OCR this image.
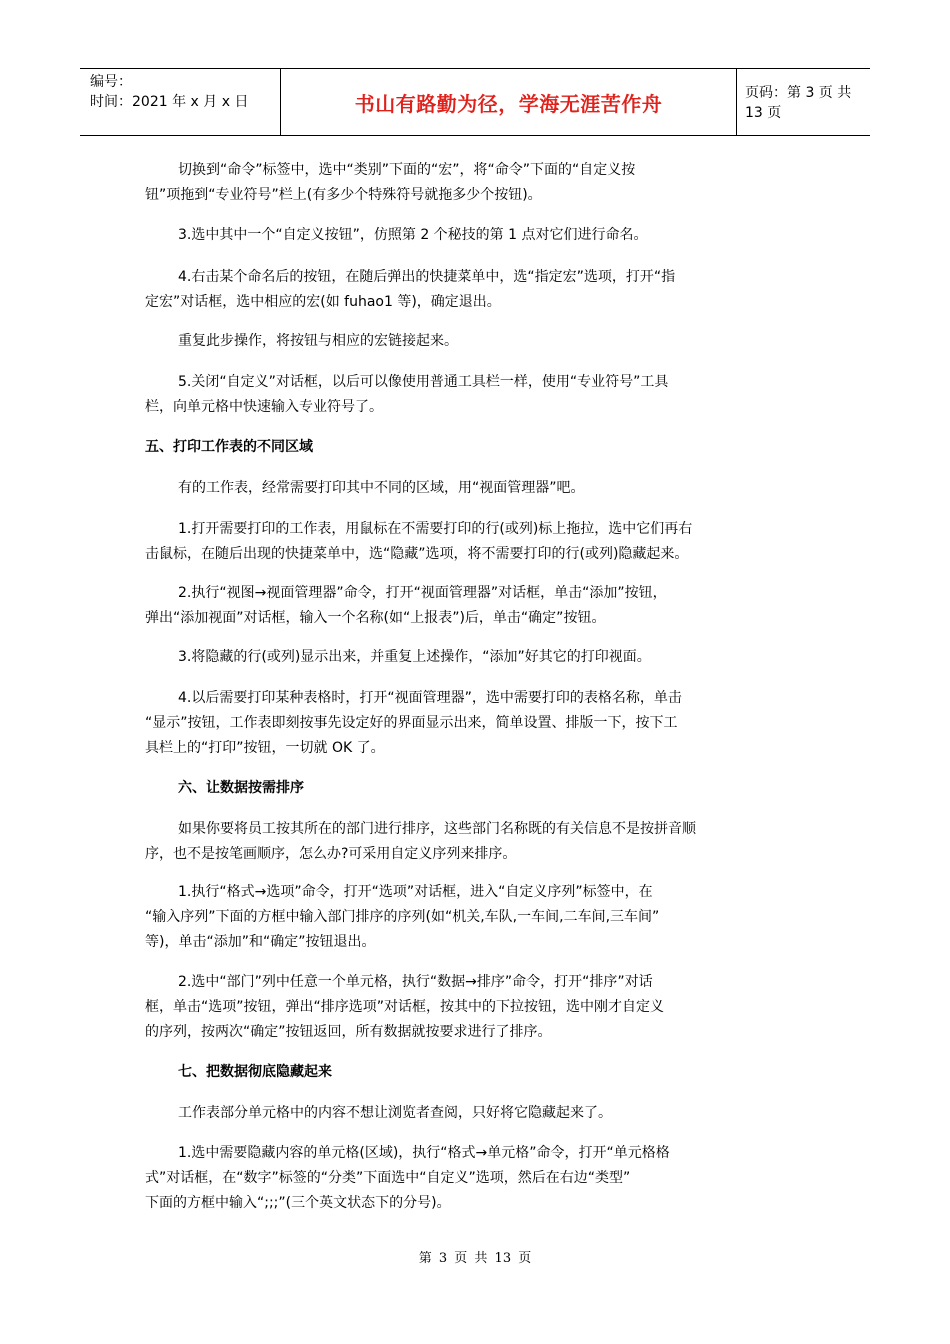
编号：
时间：2021 年 x 月 x 日	书山有路勤为径，学海无涯苦作舟	页码：第 3 页 共 13 页
切换到“命令”标签中，选中“类别”下面的“宏”，将“命令”下面的“自定义按
钮”项拖到“专业符号”栏上(有多少个特殊符号就拖多少个按钮)。
3.选中其中一个“自定义按钮”，仿照第 2 个秘技的第 1 点对它们进行命名。
4.右击某个命名后的按钮，在随后弹出的快捷菜单中，选“指定宏”选项，打开“指
定宏”对话框，选中相应的宏(如 fuhao1 等)，确定退出。
重复此步操作，将按钮与相应的宏链接起来。
5.关闭“自定义”对话框，以后可以像使用普通工具栏一样，使用“专业符号”工具
栏，向单元格中快速输入专业符号了。
五、打印工作表的不同区域
有的工作表，经常需要打印其中不同的区域，用“视面管理器”吧。
1.打开需要打印的工作表，用鼠标在不需要打印的行(或列)标上拖拉，选中它们再右
击鼠标，在随后出现的快捷菜单中，选“隐藏”选项，将不需要打印的行(或列)隐藏起来。
2.执行“视图→视面管理器”命令，打开“视面管理器”对话框，单击“添加”按钮，
弹出“添加视面”对话框，输入一个名称(如“上报表”)后，单击“确定”按钮。
3.将隐藏的行(或列)显示出来，并重复上述操作，“添加”好其它的打印视面。
4.以后需要打印某种表格时，打开“视面管理器”，选中需要打印的表格名称，单击
“显示”按钮，工作表即刻按事先设定好的界面显示出来，简单设置、排版一下，按下工
具栏上的“打印”按钮，一切就 OK 了。
六、让数据按需排序
如果你要将员工按其所在的部门进行排序，这些部门名称既的有关信息不是按拼音顺
序，也不是按笔画顺序，怎么办?可采用自定义序列来排序。
1.执行“格式→选项”命令，打开“选项”对话框，进入“自定义序列”标签中，在
“输入序列”下面的方框中输入部门排序的序列(如“机关,车队,一车间,二车间,三车间”
等)，单击“添加”和“确定”按钮退出。
2.选中“部门”列中任意一个单元格，执行“数据→排序”命令，打开“排序”对话
框，单击“选项”按钮，弹出“排序选项”对话框，按其中的下拉按钮，选中刚才自定义
的序列，按两次“确定”按钮返回，所有数据就按要求进行了排序。
七、把数据彻底隐藏起来
工作表部分单元格中的内容不想让浏览者查阅，只好将它隐藏起来了。
1.选中需要隐藏内容的单元格(区域)，执行“格式→单元格”命令，打开“单元格格
式”对话框，在“数字”标签的“分类”下面选中“自定义”选项，然后在右边“类型”
下面的方框中输入“;;;”(三个英文状态下的分号)。
第 3 页 共 13 页
